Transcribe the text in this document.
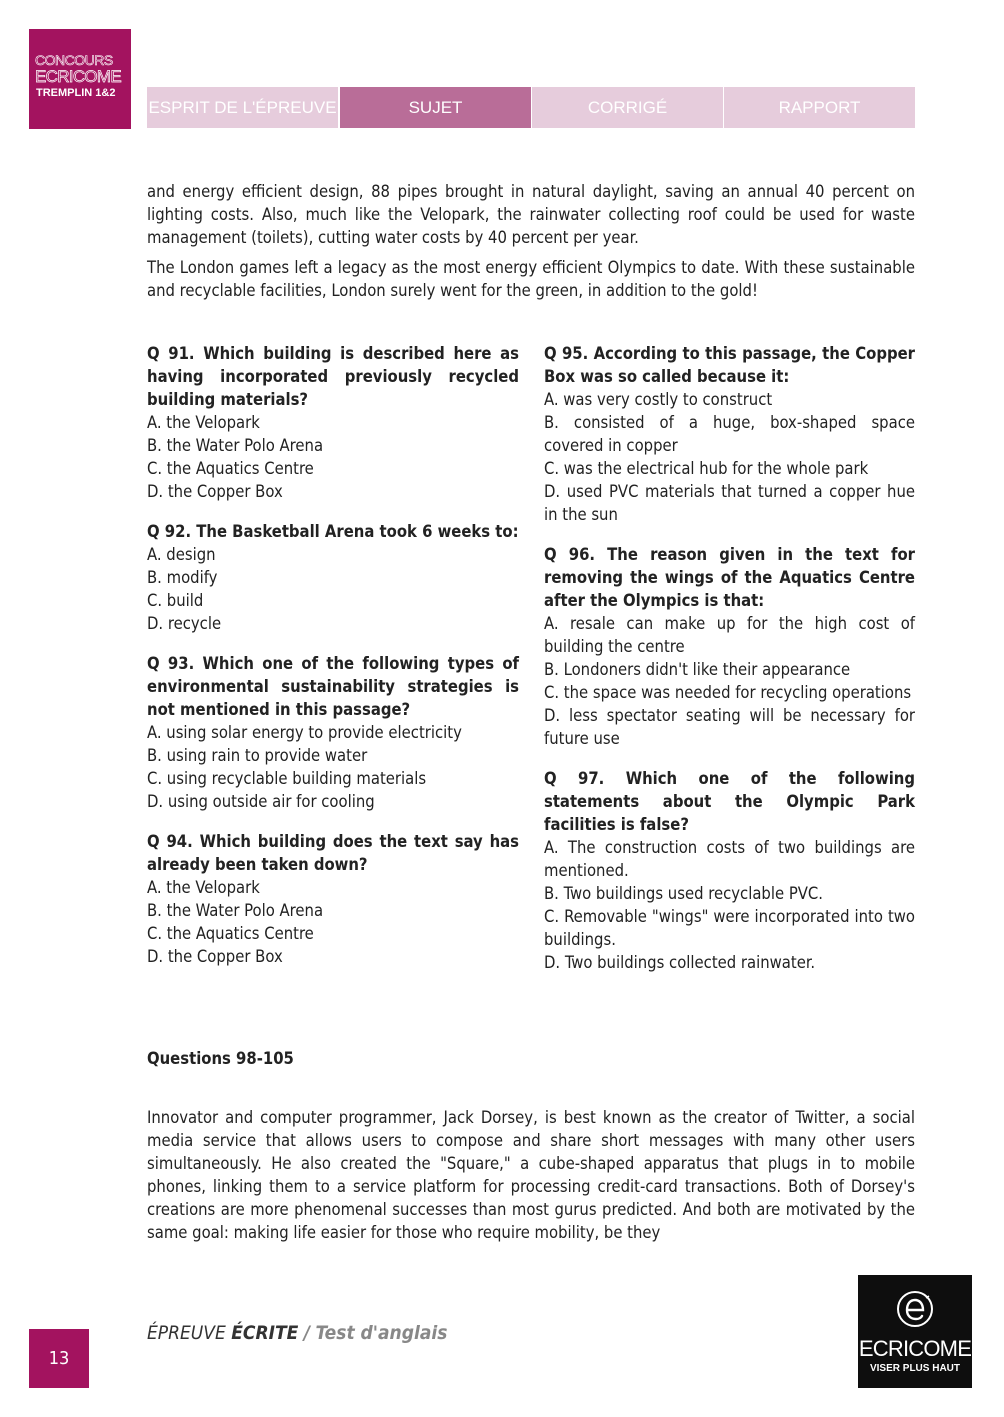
CONCOURS
ECRICOME
TREMPLIN 1&2
ESPRIT DE L'ÉPREUVE	SUJET	CORRIGÉ	RAPPORT

and energy efficient design, 88 pipes brought in natural daylight, saving an annual 40 percent on lighting costs. Also, much like the Velopark, the rainwater collecting roof could be used for waste management (toilets), cutting water costs by 40 percent per year.

The London games left a legacy as the most energy efficient Olympics to date. With these sustainable and recyclable facilities, London surely went for the green, in addition to the gold!

Q 91. Which building is described here as having incorporated previously recycled building materials?

A. the Velopark

B. the Water Polo Arena

C. the Aquatics Centre

D. the Copper Box

Q 92. The Basketball Arena took 6 weeks to:

A. design

B. modify

C. build

D. recycle

Q 93. Which one of the following types of environmental sustainability strategies is not mentioned in this passage?

A. using solar energy to provide electricity

B. using rain to provide water

C. using recyclable building materials

D. using outside air for cooling

Q 94. Which building does the text say has already been taken down?

A. the Velopark

B. the Water Polo Arena

C. the Aquatics Centre

D. the Copper Box

Q 95. According to this passage, the Copper Box was so called because it:

A. was very costly to construct

B. consisted of a huge, box-shaped space covered in copper

C. was the electrical hub for the whole park

D. used PVC materials that turned a copper hue in the sun

Q 96. The reason given in the text for removing the wings of the Aquatics Centre after the Olympics is that:

A. resale can make up for the high cost of building the centre

B. Londoners didn't like their appearance

C. the space was needed for recycling operations

D. less spectator seating will be necessary for future use

Q 97. Which one of the following statements about the Olympic Park facilities is false?

A. The construction costs of two buildings are mentioned.

B. Two buildings used recyclable PVC.

C. Removable "wings" were incorporated into two buildings.

D. Two buildings collected rainwater.

Questions 98-105

Innovator and computer programmer, Jack Dorsey, is best known as the creator of Twitter, a social media service that allows users to compose and share short messages with many other users simultaneously. He also created the "Square," a cube-shaped apparatus that plugs in to mobile phones, linking them to a service platform for processing credit-card transactions. Both of Dorsey's creations are more phenomenal successes than most gurus predicted. And both are motivated by the same goal: making life easier for those who require mobility, be they

13
ÉPREUVE ÉCRITE / Test d'anglais
ECRICOME
VISER PLUS HAUT
